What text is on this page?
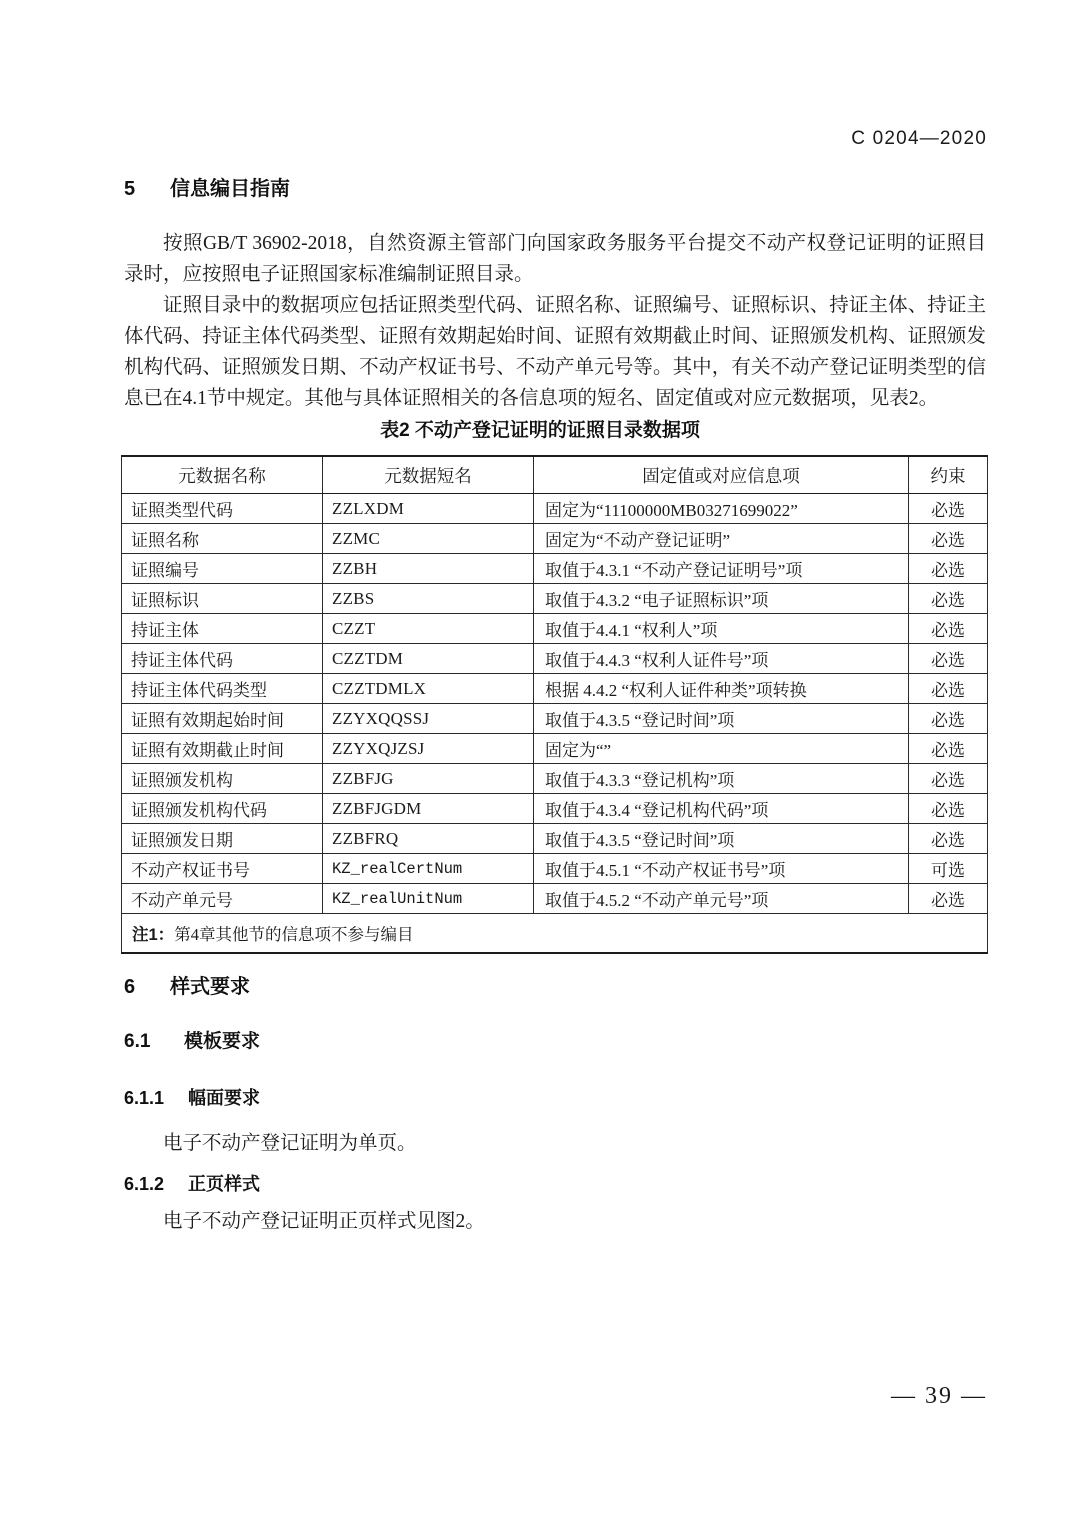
C 0204—2020
5 信息编目指南
按照GB/T 36902-2018，自然资源主管部门向国家政务服务平台提交不动产权登记证明的证照目录时，应按照电子证照国家标准编制证照目录。
证照目录中的数据项应包括证照类型代码、证照名称、证照编号、证照标识、持证主体、持证主体代码、持证主体代码类型、证照有效期起始时间、证照有效期截止时间、证照颁发机构、证照颁发机构代码、证照颁发日期、不动产权证书号、不动产单元号等。其中，有关不动产登记证明类型的信息已在4.1节中规定。其他与具体证照相关的各信息项的短名、固定值或对应元数据项，见表2。
表2 不动产登记证明的证照目录数据项
元数据名称	元数据短名	固定值或对应信息项	约束
证照类型代码	ZZLXDM	固定为“11100000MB03271699022”	必选
证照名称	ZZMC	固定为“不动产登记证明”	必选
证照编号	ZZBH	取值于4.3.1 “不动产登记证明号”项	必选
证照标识	ZZBS	取值于4.3.2 “电子证照标识”项	必选
持证主体	CZZT	取值于4.4.1 “权利人”项	必选
持证主体代码	CZZTDM	取值于4.4.3 “权利人证件号”项	必选
持证主体代码类型	CZZTDMLX	根据 4.4.2 “权利人证件种类”项转换	必选
证照有效期起始时间	ZZYXQQSSJ	取值于4.3.5 “登记时间”项	必选
证照有效期截止时间	ZZYXQJZSJ	固定为“”	必选
证照颁发机构	ZZBFJG	取值于4.3.3 “登记机构”项	必选
证照颁发机构代码	ZZBFJGDM	取值于4.3.4 “登记机构代码”项	必选
证照颁发日期	ZZBFRQ	取值于4.3.5 “登记时间”项	必选
不动产权证书号	KZ_realCertNum	取值于4.5.1 “不动产权证书号”项	可选
不动产单元号	KZ_realUnitNum	取值于4.5.2 “不动产单元号”项	必选
注1：第4章其他节的信息项不参与编目			
6 样式要求
6.1 模板要求
6.1.1 幅面要求
电子不动产登记证明为单页。
6.1.2 正页样式
电子不动产登记证明正页样式见图2。
— 39 —
